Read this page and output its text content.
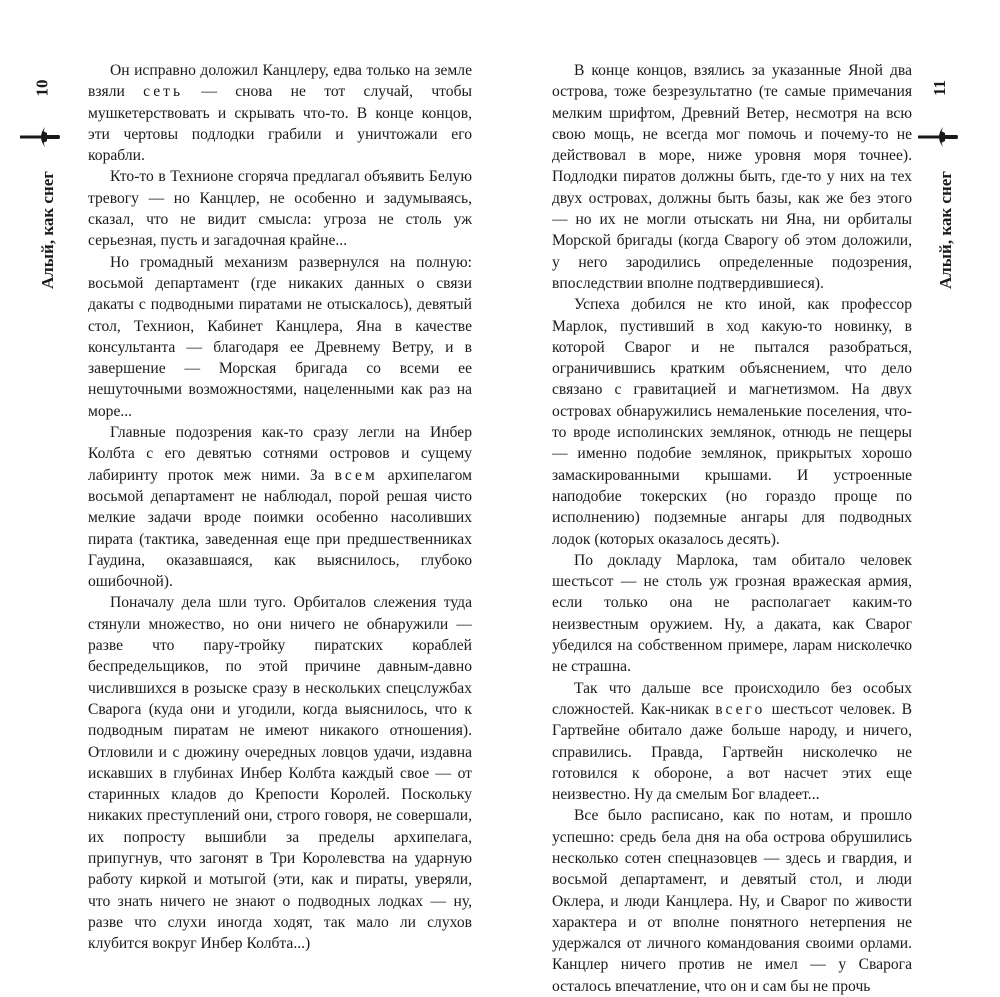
10
Алый, как снег

Он исправно доложил Канцлеру, едва только на земле взяли сеть — снова не тот случай, чтобы мушкетерствовать и скрывать что-то. В конце концов, эти чертовы подлодки грабили и уничтожали его корабли.

Кто-то в Технионе сгоряча предлагал объявить Белую тревогу — но Канцлер, не особенно и задумываясь, сказал, что не видит смысла: угроза не столь уж серьезная, пусть и загадочная крайне...

Но громадный механизм развернулся на полную: восьмой департамент (где никаких данных о связи дакаты с подводными пиратами не отыскалось), девятый стол, Технион, Кабинет Канцлера, Яна в качестве консультанта — благодаря ее Древнему Ветру, и в завершение — Морская бригада со всеми ее нешуточными возможностями, нацеленными как раз на море...

Главные подозрения как-то сразу легли на Инбер Колбта с его девятью сотнями островов и сущему лабиринту проток меж ними. За всем архипелагом восьмой департамент не наблюдал, порой решая чисто мелкие задачи вроде поимки особенно насоливших пирата (тактика, заведенная еще при предшественниках Гаудина, оказавшаяся, как выяснилось, глубоко ошибочной).

Поначалу дела шли туго. Орбиталов слежения туда стянули множество, но они ничего не обнаружили — разве что пару-тройку пиратских кораблей беспредельщиков, по этой причине давным-давно числившихся в розыске сразу в нескольких спецслужбах Сварога (куда они и угодили, когда выяснилось, что к подводным пиратам не имеют никакого отношения). Отловили и с дюжину очередных ловцов удачи, издавна искавших в глубинах Инбер Колбта каждый свое — от старинных кладов до Крепости Королей. Поскольку никаких преступлений они, строго говоря, не совершали, их попросту вышибли за пределы архипелага, припугнув, что загонят в Три Королевства на ударную работу киркой и мотыгой (эти, как и пираты, уверяли, что знать ничего не знают о подводных лодках — ну, разве что слухи иногда ходят, так мало ли слухов клубится вокруг Инбер Колбта...)

11
Алый, как снег

В конце концов, взялись за указанные Яной два острова, тоже безрезультатно (те самые примечания мелким шрифтом, Древний Ветер, несмотря на всю свою мощь, не всегда мог помочь и почему-то не действовал в море, ниже уровня моря точнее). Подлодки пиратов должны быть, где-то у них на тех двух островах, должны быть базы, как же без этого — но их не могли отыскать ни Яна, ни орбиталы Морской бригады (когда Сварогу об этом доложили, у него зародились определенные подозрения, впоследствии вполне подтвердившиеся).

Успеха добился не кто иной, как профессор Марлок, пустивший в ход какую-то новинку, в которой Сварог и не пытался разобраться, ограничившись кратким объяснением, что дело связано с гравитацией и магнетизмом. На двух островах обнаружились немаленькие поселения, что-то вроде исполинских землянок, отнюдь не пещеры — именно подобие землянок, прикрытых хорошо замаскированными крышами. И устроенные наподобие токерских (но гораздо проще по исполнению) подземные ангары для подводных лодок (которых оказалось десять).

По докладу Марлока, там обитало человек шестьсот — не столь уж грозная вражеская армия, если только она не располагает каким-то неизвестным оружием. Ну, а даката, как Сварог убедился на собственном примере, ларам нисколечко не страшна.

Так что дальше все происходило без особых сложностей. Как-никак всего шестьсот человек. В Гартвейне обитало даже больше народу, и ничего, справились. Правда, Гартвейн нисколечко не готовился к обороне, а вот насчет этих еще неизвестно. Ну да смелым Бог владеет...

Все было расписано, как по нотам, и прошло успешно: средь бела дня на оба острова обрушились несколько сотен спецназовцев — здесь и гвардия, и восьмой департамент, и девятый стол, и люди Оклера, и люди Канцлера. Ну, и Сварог по живости характера и от вполне понятного нетерпения не удержался от личного командования своими орлами. Канцлер ничего против не имел — у Сварога осталось впечатление, что он и сам бы не прочь
